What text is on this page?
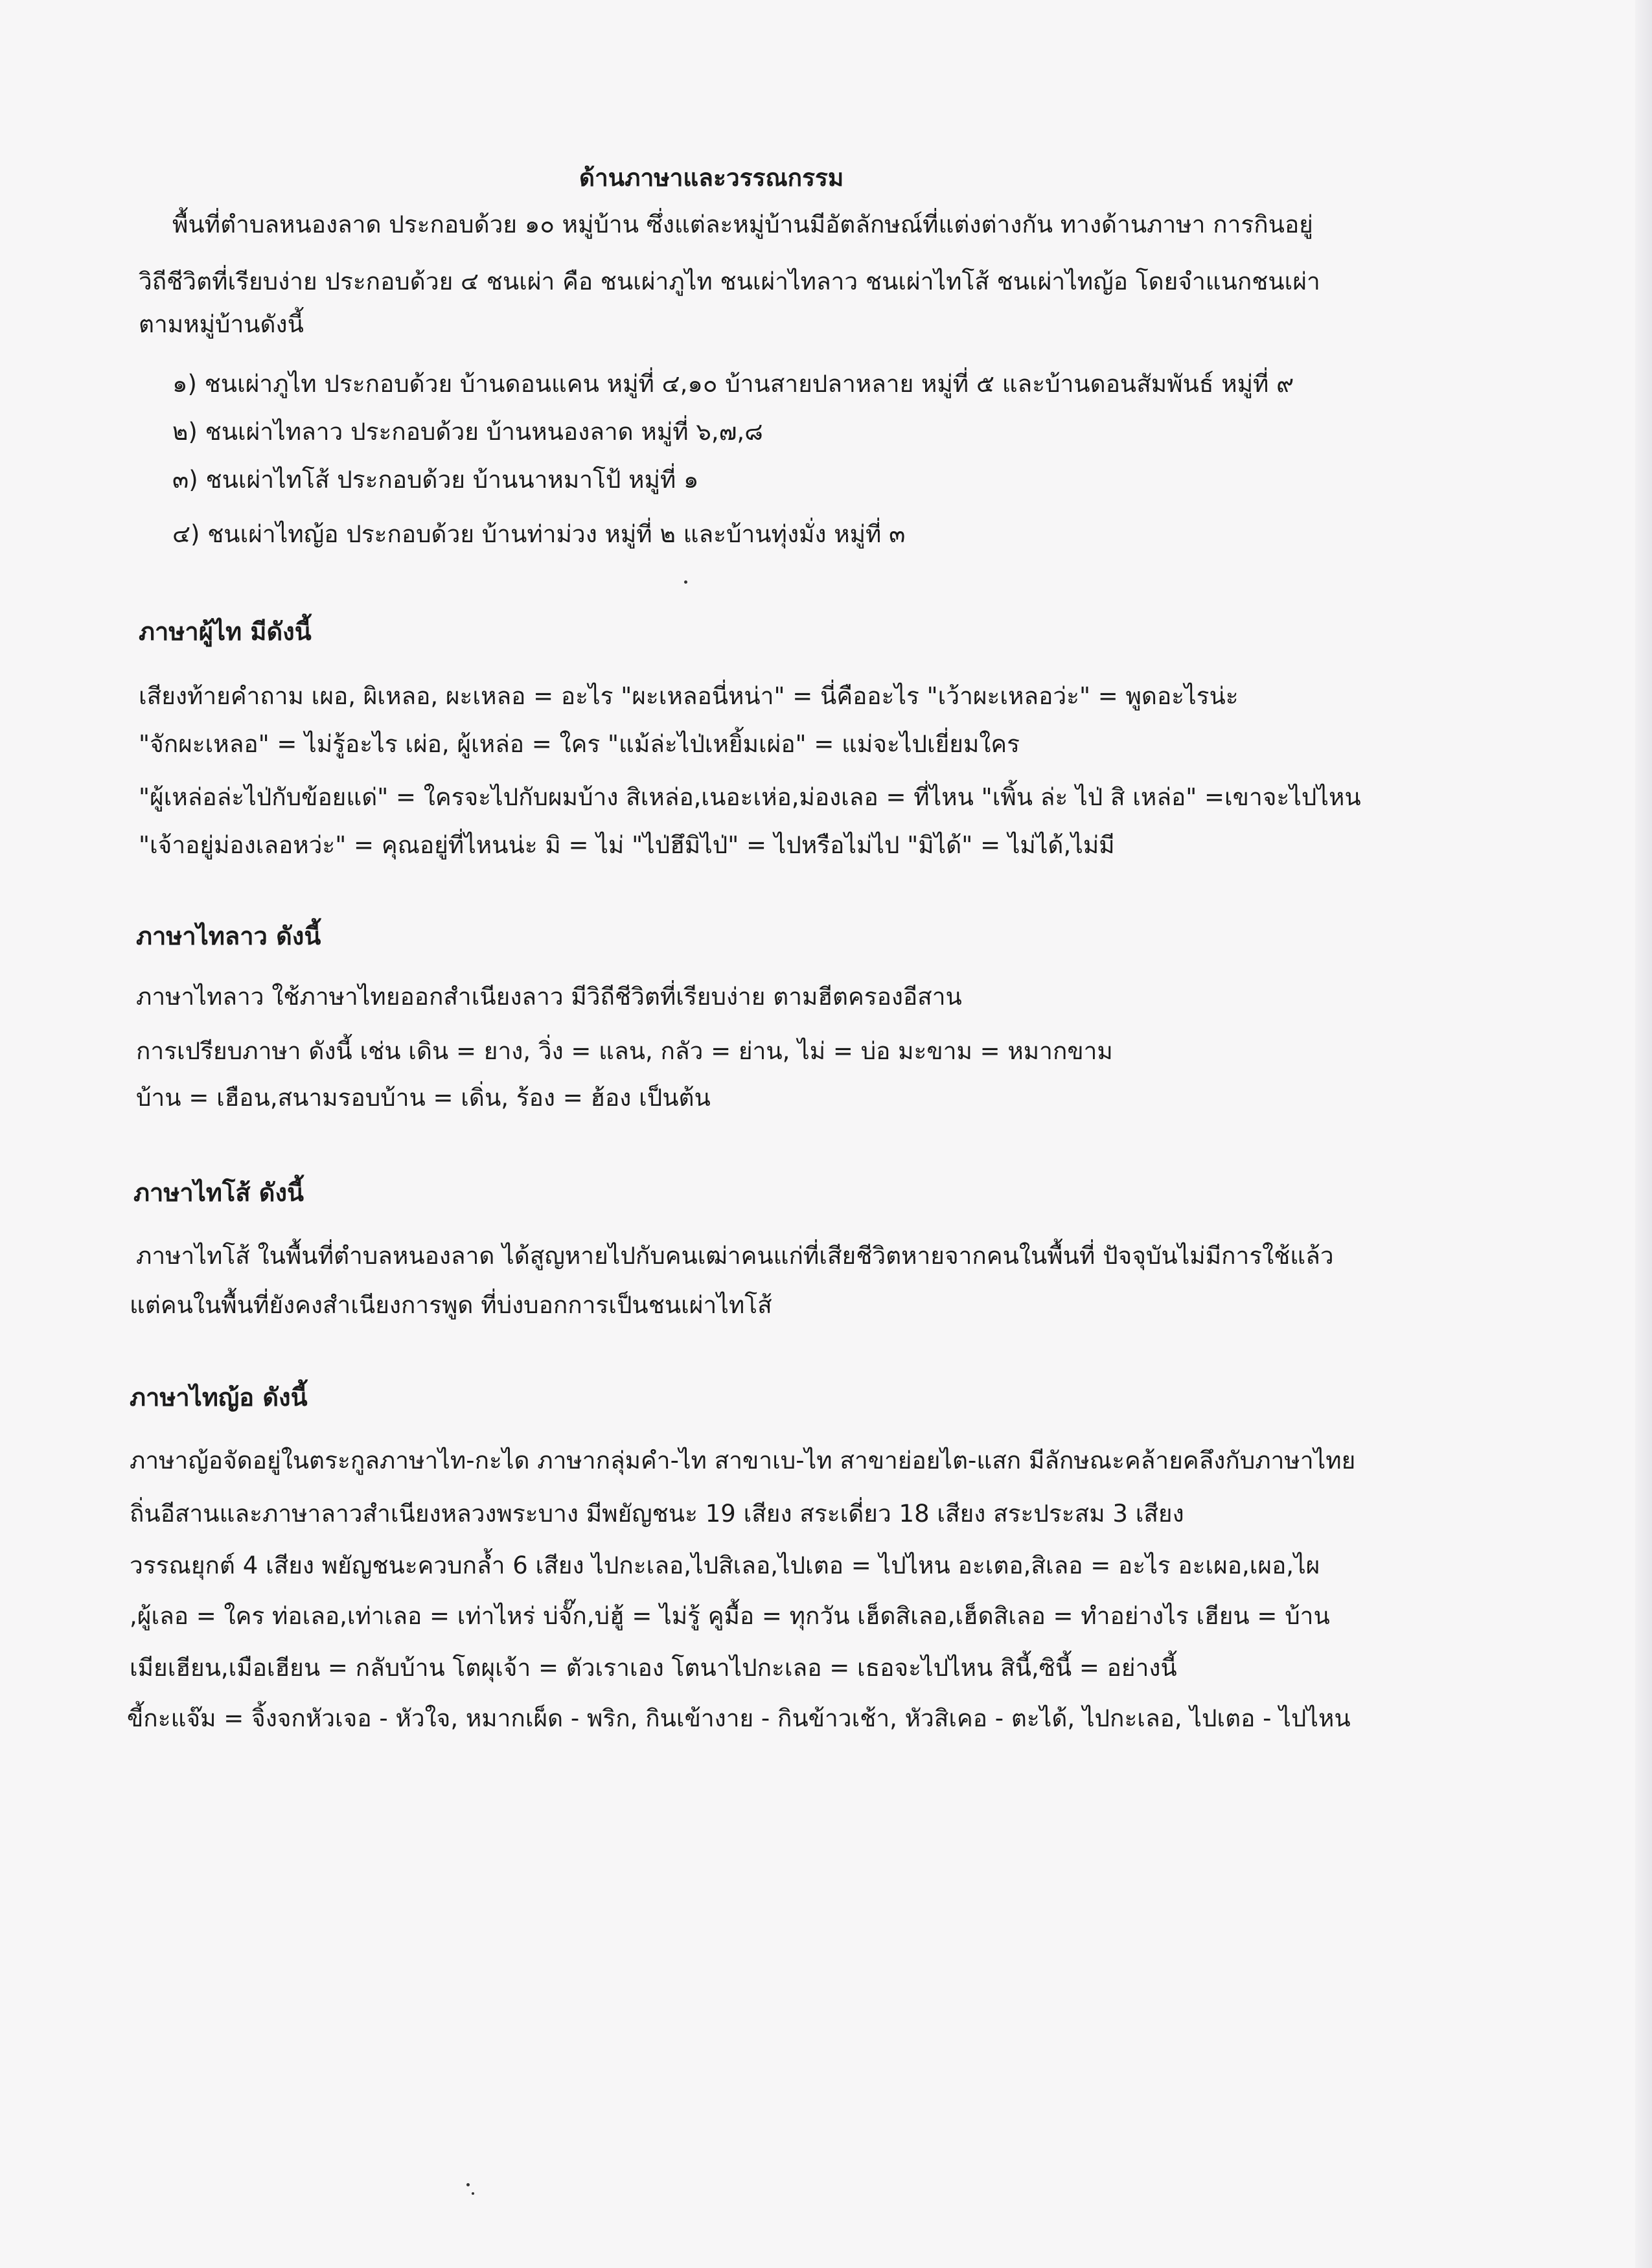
ด้านภาษาและวรรณกรรม
พื้นที่ตำบลหนองลาด ประกอบด้วย ๑๐ หมู่บ้าน ซึ่งแต่ละหมู่บ้านมีอัตลักษณ์ที่แต่งต่างกัน ทางด้านภาษา การกินอยู่
วิถีชีวิตที่เรียบง่าย ประกอบด้วย ๔ ชนเผ่า คือ ชนเผ่าภูไท ชนเผ่าไทลาว ชนเผ่าไทโส้ ชนเผ่าไทญ้อ โดยจำแนกชนเผ่า
ตามหมู่บ้านดังนี้
๑) ชนเผ่าภูไท ประกอบด้วย บ้านดอนแคน หมู่ที่ ๔,๑๐ บ้านสายปลาหลาย หมู่ที่ ๕ และบ้านดอนสัมพันธ์ หมู่ที่ ๙
๒) ชนเผ่าไทลาว ประกอบด้วย บ้านหนองลาด หมู่ที่ ๖,๗,๘
๓) ชนเผ่าไทโส้ ประกอบด้วย บ้านนาหมาโป้ หมู่ที่ ๑
๔) ชนเผ่าไทญ้อ ประกอบด้วย บ้านท่าม่วง หมู่ที่ ๒ และบ้านทุ่งมั่ง หมู่ที่ ๓
ภาษาผู้ไท มีดังนี้
เสียงท้ายคำถาม เผอ, ผิเหลอ, ผะเหลอ = อะไร "ผะเหลอนี่หน่า" = นี่คืออะไร "เว้าผะเหลอว่ะ" = พูดอะไรน่ะ
"จักผะเหลอ" = ไม่รู้อะไร เผ่อ, ผู้เหล่อ = ใคร "แม้ล่ะไป่เหยิ้มเผ่อ" = แม่จะไปเยี่ยมใคร
"ผู้เหล่อล่ะไป่กับข้อยแด่" = ใครจะไปกับผมบ้าง สิเหล่อ,เนอะเห่อ,ม่องเลอ = ที่ไหน "เพิ้น ล่ะ ไป่ สิ เหล่อ" =เขาจะไปไหน
"เจ้าอยู่ม่องเลอหว่ะ" = คุณอยู่ที่ไหนน่ะ มิ = ไม่ "ไป่ฮึมิไป่" = ไปหรือไม่ไป "มิได้" = ไม่ได้,ไม่มี
ภาษาไทลาว ดังนี้
ภาษาไทลาว ใช้ภาษาไทยออกสำเนียงลาว มีวิถีชีวิตที่เรียบง่าย ตามฮีตครองอีสาน
การเปรียบภาษา ดังนี้ เช่น เดิน = ยาง, วิ่ง = แลน, กลัว = ย่าน, ไม่ = บ่อ มะขาม = หมากขาม
บ้าน = เฮือน,สนามรอบบ้าน = เดิ่น, ร้อง = ฮ้อง เป็นต้น
ภาษาไทโส้ ดังนี้
ภาษาไทโส้ ในพื้นที่ตำบลหนองลาด ได้สูญหายไปกับคนเฒ่าคนแก่ที่เสียชีวิตหายจากคนในพื้นที่ ปัจจุบันไม่มีการใช้แล้ว
แต่คนในพื้นที่ยังคงสำเนียงการพูด ที่บ่งบอกการเป็นชนเผ่าไทโส้
ภาษาไทญ้อ ดังนี้
ภาษาญ้อจัดอยู่ในตระกูลภาษาไท-กะได ภาษากลุ่มคำ-ไท สาขาเบ-ไท สาขาย่อยไต-แสก มีลักษณะคล้ายคลึงกับภาษาไทย
ถิ่นอีสานและภาษาลาวสำเนียงหลวงพระบาง มีพยัญชนะ 19 เสียง สระเดี่ยว 18 เสียง สระประสม 3 เสียง
วรรณยุกต์ 4 เสียง พยัญชนะควบกล้ำ 6 เสียง ไปกะเลอ,ไปสิเลอ,ไปเตอ = ไปไหน อะเตอ,สิเลอ = อะไร อะเผอ,เผอ,ไผ
,ผู้เลอ = ใคร ท่อเลอ,เท่าเลอ = เท่าไหร่ บ่จั๊ก,บ่ฮู้ = ไม่รู้ คูมื้อ = ทุกวัน เฮ็ดสิเลอ,เฮ็ดสิเลอ = ทำอย่างไร เฮียน = บ้าน
เมียเฮียน,เมือเฮียน = กลับบ้าน โตผุเจ้า = ตัวเราเอง โตนาไปกะเลอ = เธอจะไปไหน สินี้,ซินี้ = อย่างนี้
ขี้กะแจ๊ม = จิ้งจกหัวเจอ - หัวใจ, หมากเผ็ด - พริก, กินเข้างาย - กินข้าวเช้า, หัวสิเคอ - ตะได้, ไปกะเลอ, ไปเตอ - ไปไหน
